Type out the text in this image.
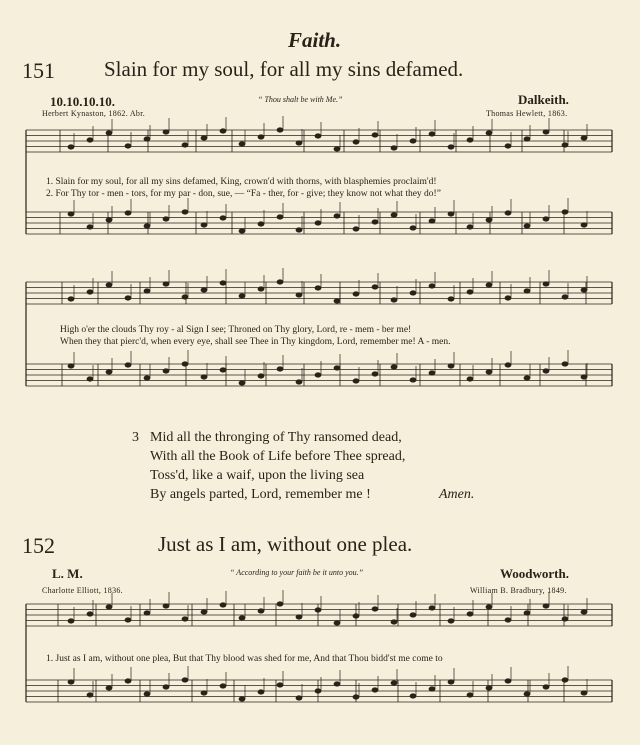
Faith.
151 Slain for my soul, for all my sins defamed.
10.10.10.10.	“ Thou shalt be with Me.”	Dalkeith.
Herbert Kynaston, 1862. Abr.	Thomas Hewlett, 1863.
1. Slain for my soul, for all my sins defamed, King, crown'd with thorns, with blasphemies proclaim'd!
2. For Thy tor - men - tors, for my par - don, sue, — “Fa - ther, for - give; they know not what they do!”
High o'er the clouds Thy roy - al Sign I see; Throned on Thy glory, Lord, re - mem - ber me!
When they that pierc'd, when every eye, shall see Thee in Thy kingdom, Lord, remember me! A - men.
3 Mid all the thronging of Thy ransomed dead,
With all the Book of Life before Thee spread,
Toss'd, like a waif, upon the living sea
By angels parted, Lord, remember me !	Amen.
152	Just as I am, without one plea.
L. M.	“ According to your faith be it unto you.”	Woodworth.
Charlotte Elliott, 1836.	William B. Bradbury, 1849.
1. Just as I am, without one plea, But that Thy blood was shed for me, And that Thou bidd'st me come to
